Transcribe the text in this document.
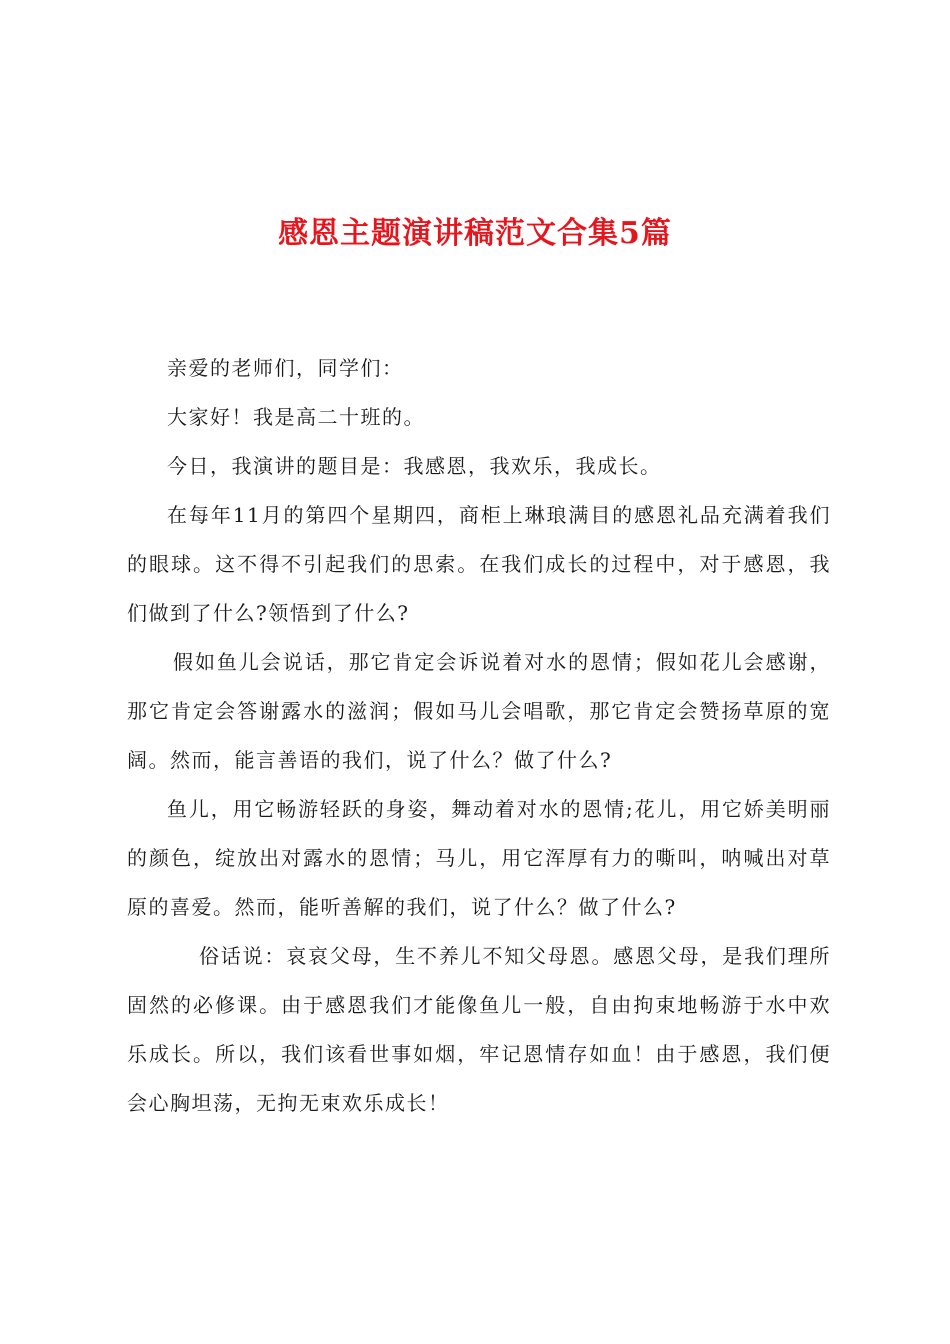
感恩主题演讲稿范文合集5篇

亲爱的老师们，同学们：

大家好！我是高二十班的。

今日，我演讲的题目是：我感恩，我欢乐，我成长。

在每年11月的第四个星期四，商柜上琳琅满目的感恩礼品充满着我们的眼球。这不得不引起我们的思索。在我们成长的过程中，对于感恩，我们做到了什么?领悟到了什么?

假如鱼儿会说话，那它肯定会诉说着对水的恩情；假如花儿会感谢，那它肯定会答谢露水的滋润；假如马儿会唱歌，那它肯定会赞扬草原的宽阔。然而，能言善语的我们，说了什么？做了什么?

鱼儿，用它畅游轻跃的身姿，舞动着对水的恩情;花儿，用它娇美明丽的颜色，绽放出对露水的恩情；马儿，用它浑厚有力的嘶叫，呐喊出对草原的喜爱。然而，能听善解的我们，说了什么？做了什么?

俗话说：哀哀父母，生不养儿不知父母恩。感恩父母，是我们理所固然的必修课。由于感恩我们才能像鱼儿一般，自由拘束地畅游于水中欢乐成长。所以，我们该看世事如烟，牢记恩情存如血！由于感恩，我们便会心胸坦荡，无拘无束欢乐成长！
